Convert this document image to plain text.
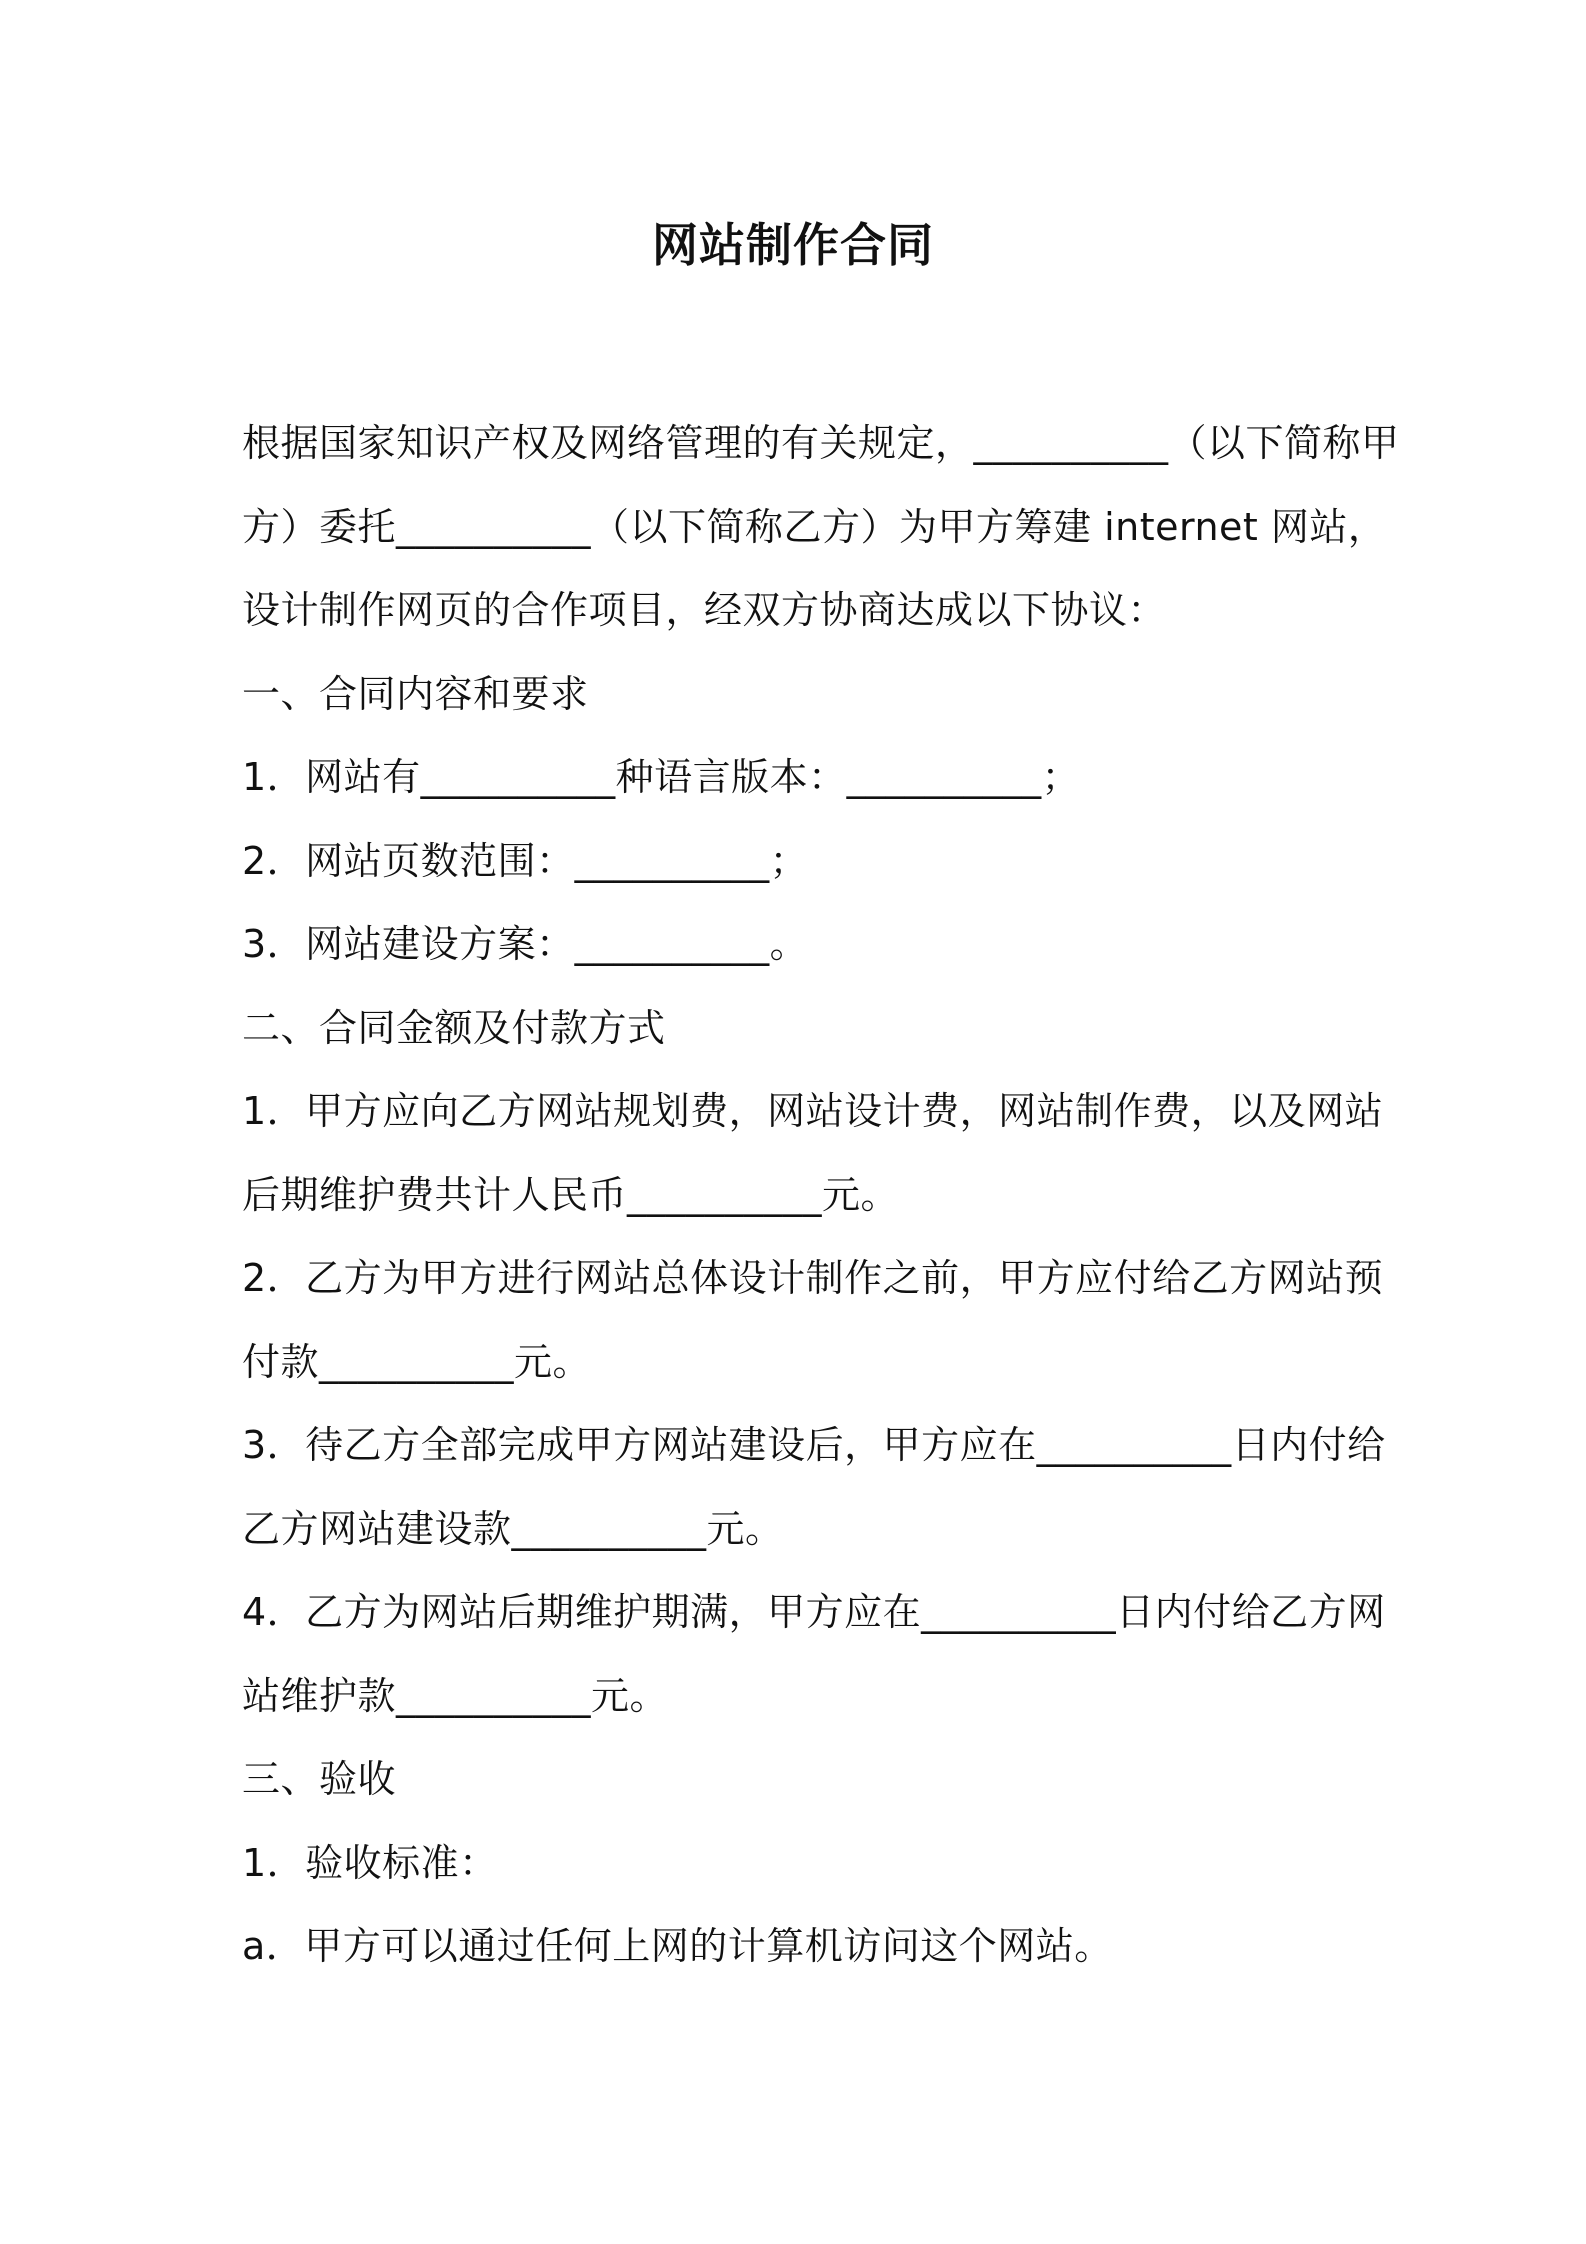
网站制作合同
根据国家知识产权及网络管理的有关规定，__________（以下简称甲
方）委托__________（以下简称乙方）为甲方筹建 internet 网站，
设计制作网页的合作项目，经双方协商达成以下协议：
一、合同内容和要求
1．网站有__________种语言版本：__________；
2．网站页数范围：__________；
3．网站建设方案：__________。
二、合同金额及付款方式
1．甲方应向乙方网站规划费，网站设计费，网站制作费，以及网站
后期维护费共计人民币__________元。
2．乙方为甲方进行网站总体设计制作之前，甲方应付给乙方网站预
付款__________元。
3．待乙方全部完成甲方网站建设后，甲方应在__________日内付给
乙方网站建设款__________元。
4．乙方为网站后期维护期满，甲方应在__________日内付给乙方网
站维护款__________元。
三、验收
1．验收标准：
a．甲方可以通过任何上网的计算机访问这个网站。
